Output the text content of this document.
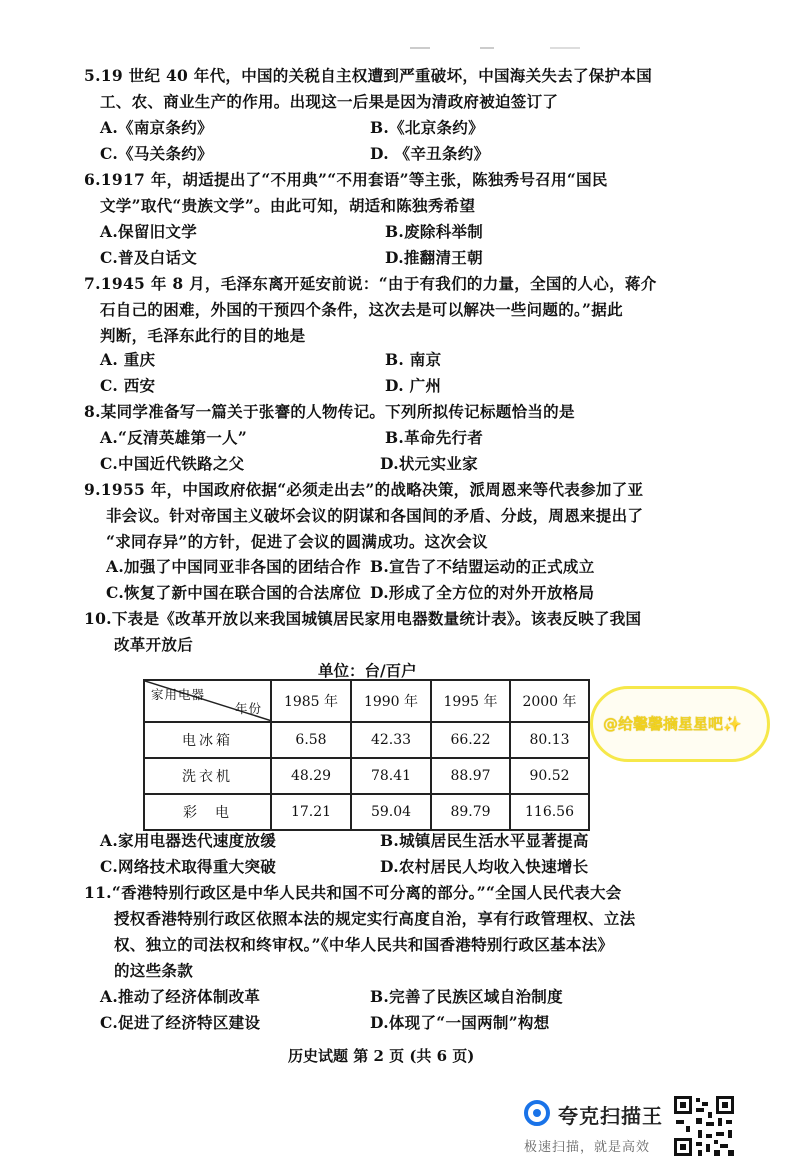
5.19 世纪 40 年代，中国的关税自主权遭到严重破坏，中国海关失去了保护本国
工、农、商业生产的作用。出现这一后果是因为清政府被迫签订了
A.《南京条约》	B.《北京条约》
C.《马关条约》	D. 《辛丑条约》
6.1917 年，胡适提出了“不用典”“不用套语”等主张，陈独秀号召用“国民
文学”取代“贵族文学”。由此可知，胡适和陈独秀希望
A.保留旧文学	B.废除科举制
C.普及白话文	D.推翻清王朝
7.1945 年 8 月，毛泽东离开延安前说：“由于有我们的力量，全国的人心，蒋介
石自己的困难，外国的干预四个条件，这次去是可以解决一些问题的。”据此
判断，毛泽东此行的目的地是
A. 重庆	B. 南京
C. 西安	D. 广州
8.某同学准备写一篇关于张謇的人物传记。下列所拟传记标题恰当的是
A.“反清英雄第一人”	B.革命先行者
C.中国近代铁路之父	D.状元实业家
9.1955 年，中国政府依据“必须走出去”的战略决策，派周恩来等代表参加了亚
非会议。针对帝国主义破坏会议的阴谋和各国间的矛盾、分歧，周恩来提出了
“求同存异”的方针，促进了会议的圆满成功。这次会议
A.加强了中国同亚非各国的团结合作 B.宣告了不结盟运动的正式成立
C.恢复了新中国在联合国的合法席位 D.形成了全方位的对外开放格局
10.下表是《改革开放以来我国城镇居民家用电器数量统计表》。该表反映了我国
改革开放后
单位：台/百户
家用电器
年份	1985 年	1990 年	1995 年	2000 年
电冰箱	6.58	42.33	66.22	80.13
洗衣机	48.29	78.41	88.97	90.52
彩  电	17.21	59.04	89.79	116.56
@给馨馨摘星星吧✨
A.家用电器迭代速度放缓	B.城镇居民生活水平显著提高
C.网络技术取得重大突破	D.农村居民人均收入快速增长
11.“香港特别行政区是中华人民共和国不可分离的部分。”“全国人民代表大会
授权香港特别行政区依照本法的规定实行高度自治，享有行政管理权、立法
权、独立的司法权和终审权。”《中华人民共和国香港特别行政区基本法》
的这些条款
A.推动了经济体制改革	B.完善了民族区域自治制度
C.促进了经济特区建设	D.体现了“一国两制”构想
历史试题 第 2 页 (共 6 页)
夸克扫描王
极速扫描，就是高效
